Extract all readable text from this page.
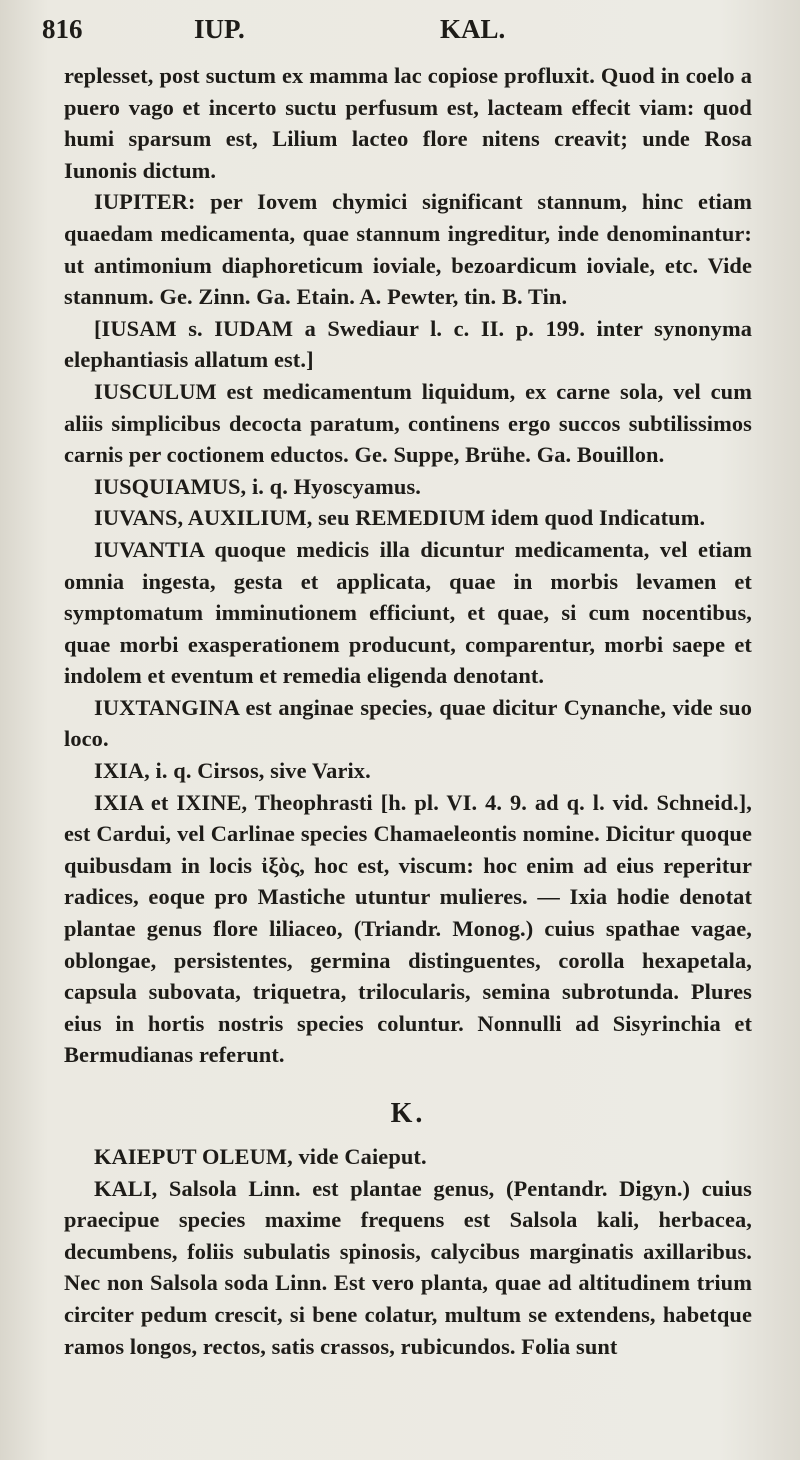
816	IUP.	KAL.

replesset, post suctum ex mamma lac copiose profluxit. Quod in coelo a puero vago et incerto suctu perfusum est, lacteam effecit viam: quod humi sparsum est, Lilium lacteo flore nitens creavit; unde Rosa Iunonis dictum.

IUPITER: per Iovem chymici significant stannum, hinc etiam quaedam medicamenta, quae stannum ingreditur, inde denominantur: ut antimonium diaphoreticum ioviale, bezoardicum ioviale, etc. Vide stannum. Ge. Zinn. Ga. Etain. A. Pewter, tin. B. Tin.

[IUSAM s. IUDAM a Swediaur l. c. II. p. 199. inter synonyma elephantiasis allatum est.]

IUSCULUM est medicamentum liquidum, ex carne sola, vel cum aliis simplicibus decocta paratum, continens ergo succos subtilissimos carnis per coctionem eductos. Ge. Suppe, Brühe. Ga. Bouillon.

IUSQUIAMUS, i. q. Hyoscyamus.

IUVANS, AUXILIUM, seu REMEDIUM idem quod Indicatum.

IUVANTIA quoque medicis illa dicuntur medicamenta, vel etiam omnia ingesta, gesta et applicata, quae in morbis levamen et symptomatum imminutionem efficiunt, et quae, si cum nocentibus, quae morbi exasperationem producunt, comparentur, morbi saepe et indolem et eventum et remedia eligenda denotant.

IUXTANGINA est anginae species, quae dicitur Cynanche, vide suo loco.

IXIA, i. q. Cirsos, sive Varix.

IXIA et IXINE, Theophrasti [h. pl. VI. 4. 9. ad q. l. vid. Schneid.], est Cardui, vel Carlinae species Chamaeleontis nomine. Dicitur quoque quibusdam in locis ἰξὸς, hoc est, viscum: hoc enim ad eius reperitur radices, eoque pro Mastiche utuntur mulieres. — Ixia hodie denotat plantae genus flore liliaceo, (Triandr. Monog.) cuius spathae vagae, oblongae, persistentes, germina distinguentes, corolla hexapetala, capsula subovata, triquetra, trilocularis, semina subrotunda. Plures eius in hortis nostris species coluntur. Nonnulli ad Sisyrinchia et Bermudianas referunt.

K.

KAIEPUT OLEUM, vide Caieput.

KALI, Salsola Linn. est plantae genus, (Pentandr. Digyn.) cuius praecipue species maxime frequens est Salsola kali, herbacea, decumbens, foliis subulatis spinosis, calycibus marginatis axillaribus. Nec non Salsola soda Linn. Est vero planta, quae ad altitudinem trium circiter pedum crescit, si bene colatur, multum se extendens, habetque ramos longos, rectos, satis crassos, rubicundos. Folia sunt
